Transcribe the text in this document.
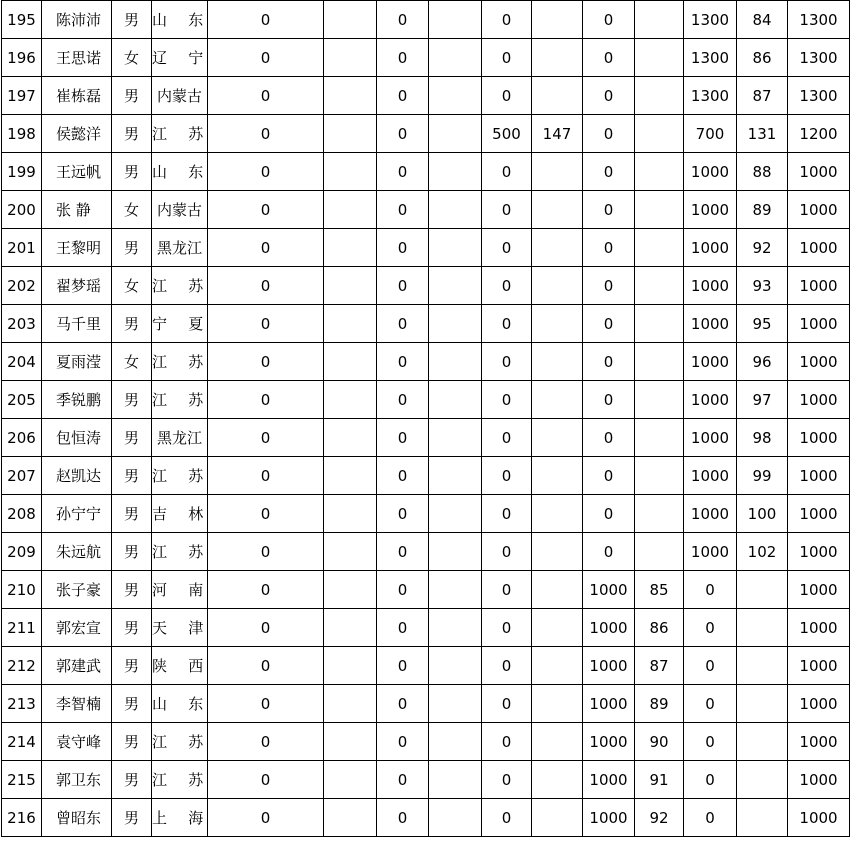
195	陈沛沛	男	山 东	0		0		0		0		1300	84	1300
196	王思诺	女	辽 宁	0		0		0		0		1300	86	1300
197	崔栋磊	男	内蒙古	0		0		0		0		1300	87	1300
198	侯懿洋	男	江 苏	0		0		500	147	0		700	131	1200
199	王远帆	男	山 东	0		0		0		0		1000	88	1000
200	张 静	女	内蒙古	0		0		0		0		1000	89	1000
201	王黎明	男	黑龙江	0		0		0		0		1000	92	1000
202	翟梦瑶	女	江 苏	0		0		0		0		1000	93	1000
203	马千里	男	宁 夏	0		0		0		0		1000	95	1000
204	夏雨滢	女	江 苏	0		0		0		0		1000	96	1000
205	季锐鹏	男	江 苏	0		0		0		0		1000	97	1000
206	包恒涛	男	黑龙江	0		0		0		0		1000	98	1000
207	赵凯达	男	江 苏	0		0		0		0		1000	99	1000
208	孙宁宁	男	吉 林	0		0		0		0		1000	100	1000
209	朱远航	男	江 苏	0		0		0		0		1000	102	1000
210	张子豪	男	河 南	0		0		0		1000	85	0		1000
211	郭宏宣	男	天 津	0		0		0		1000	86	0		1000
212	郭建武	男	陕 西	0		0		0		1000	87	0		1000
213	李智楠	男	山 东	0		0		0		1000	89	0		1000
214	袁守峰	男	江 苏	0		0		0		1000	90	0		1000
215	郭卫东	男	江 苏	0		0		0		1000	91	0		1000
216	曾昭东	男	上 海	0		0		0		1000	92	0		1000
